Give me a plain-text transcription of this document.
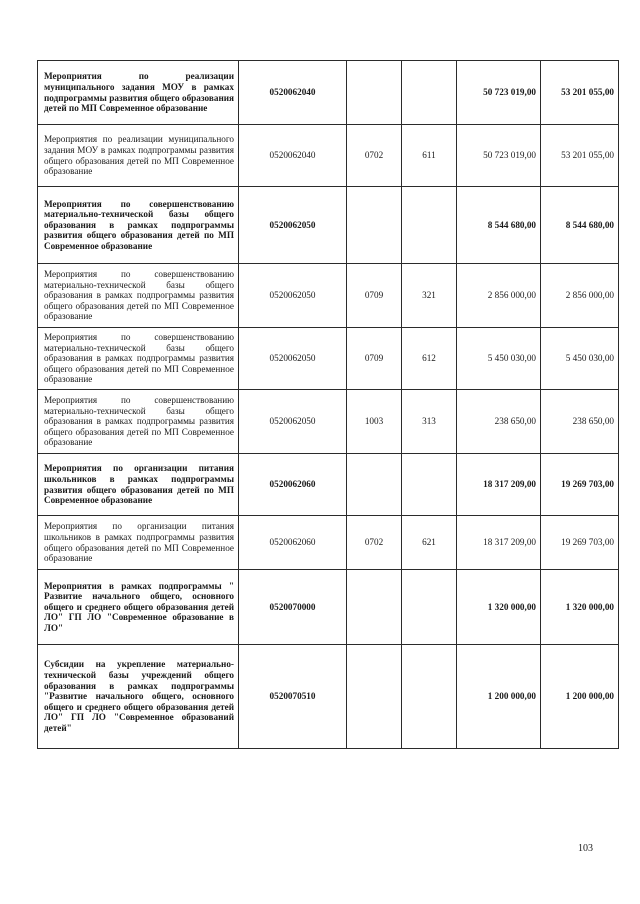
Мероприятия по реализации муниципального задания МОУ в рамках подпрограммы развития общего образования детей по МП Современное образование	0520062040			50 723 019,00	53 201 055,00
Мероприятия по реализации муниципального задания МОУ в рамках подпрограммы развития общего образования детей по МП Современное образование	0520062040	0702	611	50 723 019,00	53 201 055,00
Мероприятия по совершенствованию материально-технической базы общего образования в рамках подпрограммы развития общего образования детей по МП Современное образование	0520062050			8 544 680,00	8 544 680,00
Мероприятия по совершенствованию материально-технической базы общего образования в рамках подпрограммы развития общего образования детей по МП Современное образование	0520062050	0709	321	2 856 000,00	2 856 000,00
Мероприятия по совершенствованию материально-технической базы общего образования в рамках подпрограммы развития общего образования детей по МП Современное образование	0520062050	0709	612	5 450 030,00	5 450 030,00
Мероприятия по совершенствованию материально-технической базы общего образования в рамках подпрограммы развития общего образования детей по МП Современное образование	0520062050	1003	313	238 650,00	238 650,00
Мероприятия по организации питания школьников в рамках подпрограммы развития общего образования детей по МП Современное образование	0520062060			18 317 209,00	19 269 703,00
Мероприятия по организации питания школьников в рамках подпрограммы развития общего образования детей по МП Современное образование	0520062060	0702	621	18 317 209,00	19 269 703,00
Мероприятия в рамках подпрограммы " Развитие начального общего, основного общего и среднего общего образования детей ЛО" ГП ЛО "Современное образование в ЛО"	0520070000			1 320 000,00	1 320 000,00
Субсидии на укрепление материально-технической базы учреждений общего образования в рамках подпрограммы "Развитие начального общего, основного общего и среднего общего образования детей ЛО" ГП ЛО "Современное образований детей"	0520070510			1 200 000,00	1 200 000,00
103
